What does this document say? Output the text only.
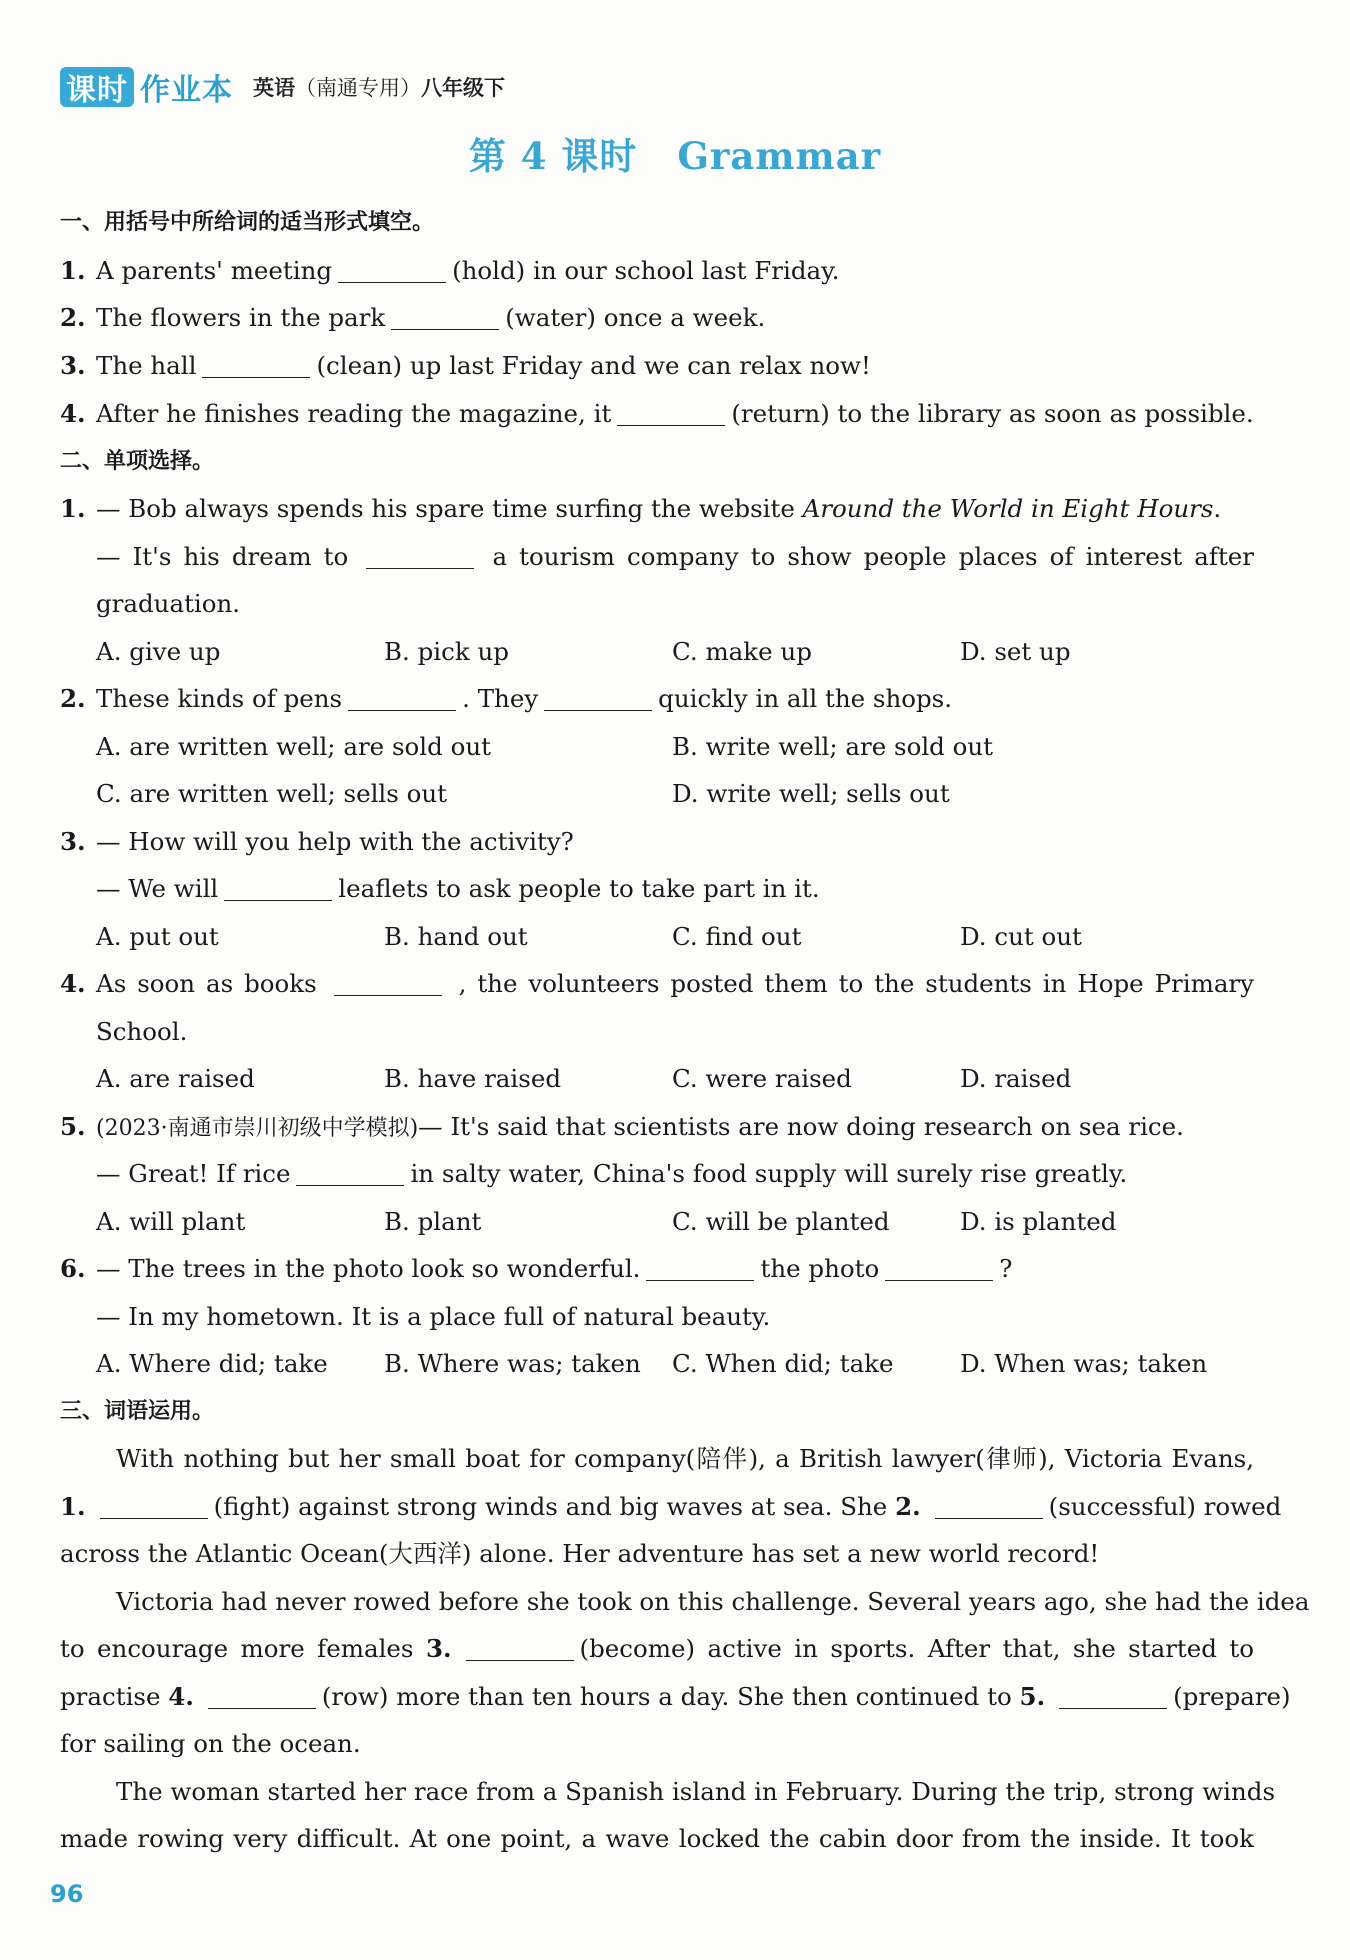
课时 作业本 英语（南通专用）八年级下
第 4 课时 Grammar
一、用括号中所给词的适当形式填空。
1. A parents' meeting	(hold) in our school last Friday.
2. The flowers in the park	(water) once a week.
3. The hall	(clean) up last Friday and we can relax now!
4. After he finishes reading the magazine, it	(return) to the library as soon as possible.
二、单项选择。
1. — Bob always spends his spare time surfing the website Around the World in Eight Hours.
— It's his dream to	a tourism company to show people places of interest after
graduation.
A. give up	B. pick up	C. make up	D. set up
2. These kinds of pens	. They	quickly in all the shops.
A. are written well; are sold out	B. write well; are sold out
C. are written well; sells out	D. write well; sells out
3. — How will you help with the activity?
— We will	leaflets to ask people to take part in it.
A. put out	B. hand out	C. find out	D. cut out
4. As soon as books	, the volunteers posted them to the students in Hope Primary
School.
A. are raised	B. have raised	C. were raised	D. raised
5. (2023·南通市崇川初级中学模拟)— It's said that scientists are now doing research on sea rice.
— Great! If rice	in salty water, China's food supply will surely rise greatly.
A. will plant	B. plant	C. will be planted	D. is planted
6. — The trees in the photo look so wonderful.	the photo	?
— In my hometown. It is a place full of natural beauty.
A. Where did; take B. Where was; taken C. When did; take	D. When was; taken
三、词语运用。
With nothing but her small boat for company(陪伴), a British lawyer(律师), Victoria Evans,
1.	(fight) against strong winds and big waves at sea. She 2.	(successful) rowed
across the Atlantic Ocean(大西洋) alone. Her adventure has set a new world record!
Victoria had never rowed before she took on this challenge. Several years ago, she had the idea
to encourage more females 3.	(become) active in sports. After that, she started to
practise 4.	(row) more than ten hours a day. She then continued to 5.	(prepare)
for sailing on the ocean.
The woman started her race from a Spanish island in February. During the trip, strong winds
made rowing very difficult. At one point, a wave locked the cabin door from the inside. It took
96
